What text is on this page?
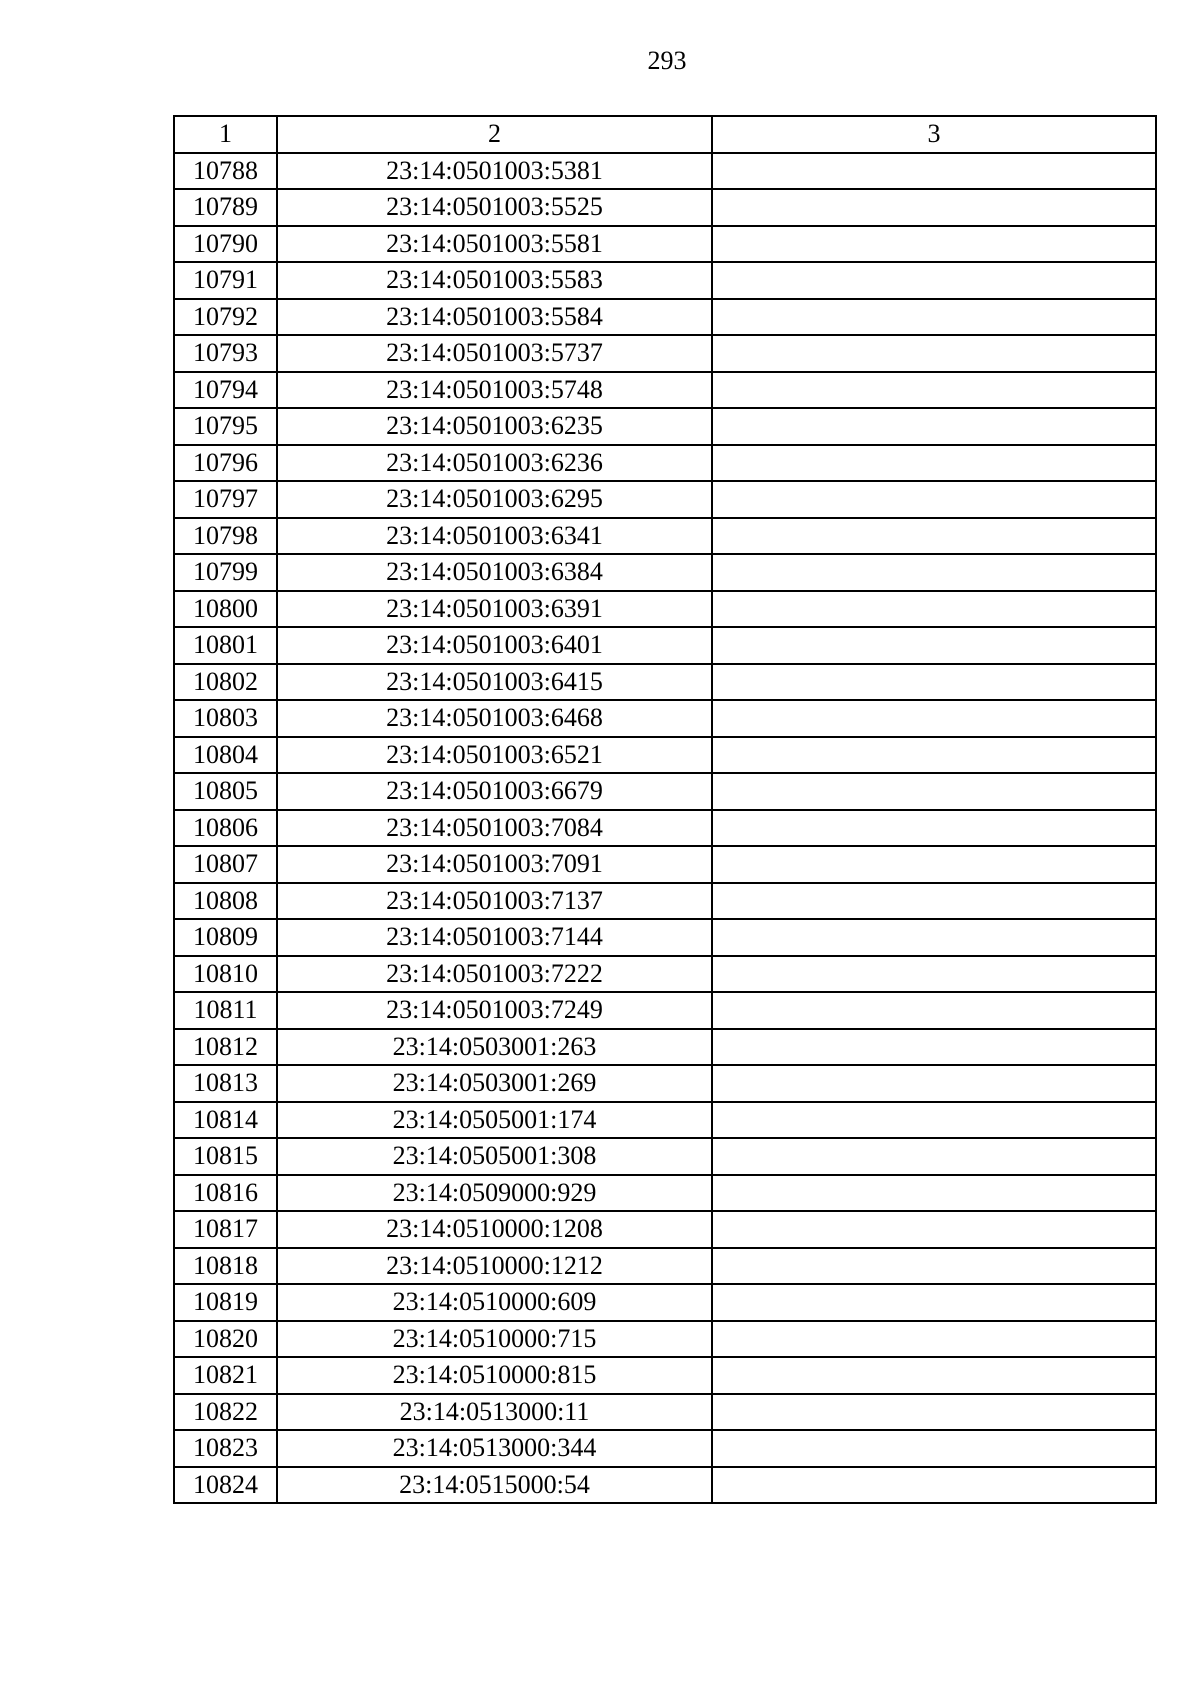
293
1	2	3
10788	23:14:0501003:5381	
10789	23:14:0501003:5525	
10790	23:14:0501003:5581	
10791	23:14:0501003:5583	
10792	23:14:0501003:5584	
10793	23:14:0501003:5737	
10794	23:14:0501003:5748	
10795	23:14:0501003:6235	
10796	23:14:0501003:6236	
10797	23:14:0501003:6295	
10798	23:14:0501003:6341	
10799	23:14:0501003:6384	
10800	23:14:0501003:6391	
10801	23:14:0501003:6401	
10802	23:14:0501003:6415	
10803	23:14:0501003:6468	
10804	23:14:0501003:6521	
10805	23:14:0501003:6679	
10806	23:14:0501003:7084	
10807	23:14:0501003:7091	
10808	23:14:0501003:7137	
10809	23:14:0501003:7144	
10810	23:14:0501003:7222	
10811	23:14:0501003:7249	
10812	23:14:0503001:263	
10813	23:14:0503001:269	
10814	23:14:0505001:174	
10815	23:14:0505001:308	
10816	23:14:0509000:929	
10817	23:14:0510000:1208	
10818	23:14:0510000:1212	
10819	23:14:0510000:609	
10820	23:14:0510000:715	
10821	23:14:0510000:815	
10822	23:14:0513000:11	
10823	23:14:0513000:344	
10824	23:14:0515000:54	
